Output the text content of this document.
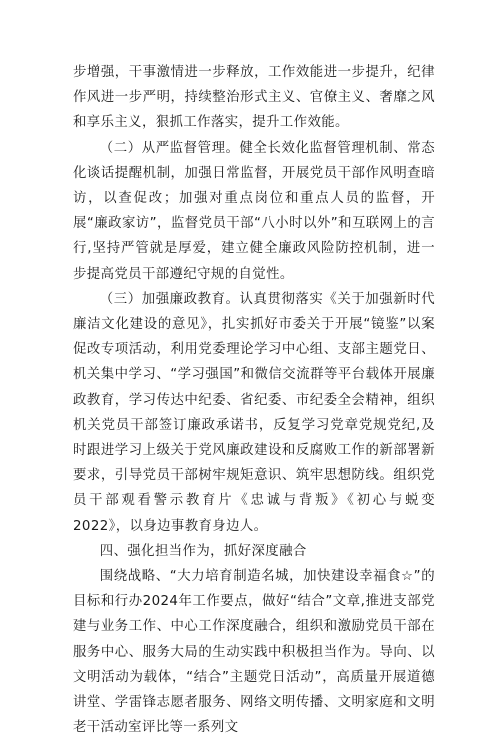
步增强，干事激情进一步释放，工作效能进一步提升，纪律作风进一步严明，持续整治形式主义、官僚主义、奢靡之风和享乐主义，狠抓工作落实，提升工作效能。

（二）从严监督管理。健全长效化监督管理机制、常态化谈话提醒机制，加强日常监督，开展党员干部作风明查暗访，以查促改；加强对重点岗位和重点人员的监督，开展“廉政家访”，监督党员干部“八小时以外”和互联网上的言行,坚持严管就是厚爱，建立健全廉政风险防控机制，进一步提高党员干部遵纪守规的自觉性。

（三）加强廉政教育。认真贯彻落实《关于加强新时代廉洁文化建设的意见》，扎实抓好市委关于开展“镜鉴”以案促改专项活动，利用党委理论学习中心组、支部主题党日、机关集中学习、“学习强国”和微信交流群等平台载体开展廉政教育，学习传达中纪委、省纪委、市纪委全会精神，组织机关党员干部签订廉政承诺书，反复学习党章党规党纪,及时跟进学习上级关于党风廉政建设和反腐败工作的新部署新要求，引导党员干部树牢规矩意识、筑牢思想防线。组织党员干部观看警示教育片《忠诚与背叛》《初心与蜕变2022》，以身边事教育身边人。

四、强化担当作为，抓好深度融合

围绕战略、“大力培育制造名城，加快建设幸福食☆”的目标和行办2024年工作要点，做好“结合”文章,推进支部党建与业务工作、中心工作深度融合，组织和激励党员干部在服务中心、服务大局的生动实践中积极担当作为。导向、以文明活动为载体，“结合”主题党日活动”，高质量开展道德讲堂、学雷锋志愿者服务、网络文明传播、文明家庭和文明老干活动室评比等一系列文
